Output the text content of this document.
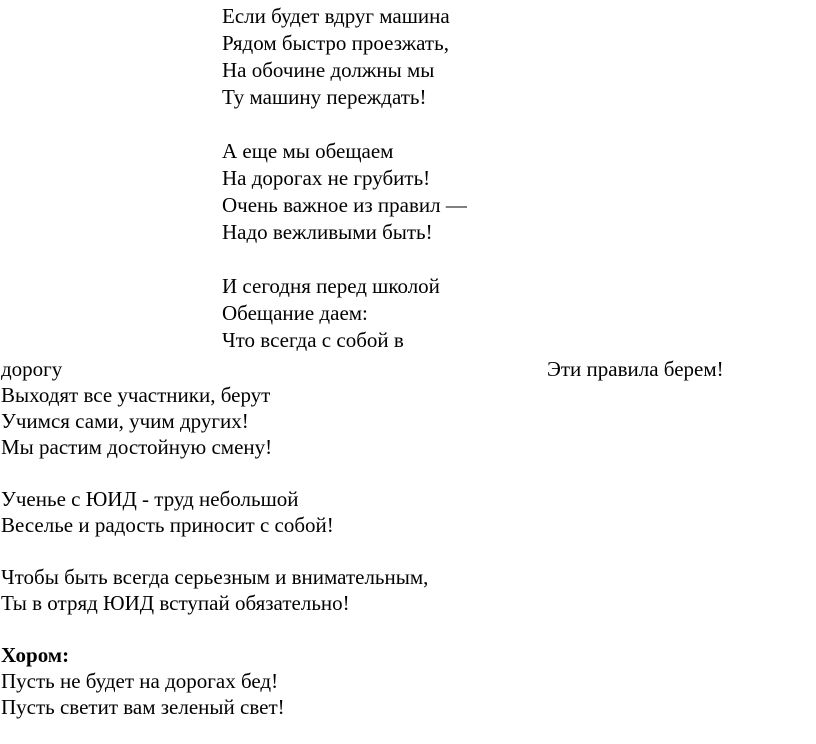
Если будет вдруг машина
Рядом быстро проезжать,
На обочине должны мы
Ту машину переждать!
А еще мы обещаем
На дорогах не грубить!
Очень важное из правил —
Надо вежливыми быть!
И сегодня перед школой
Обещание даем:
Что всегда с собой в
дорогу	Эти правила берем!
Выходят все участники, берут
Учимся сами, учим других!
Мы растим достойную смену!
Ученье с ЮИД - труд небольшой
Веселье и радость приносит с собой!
Чтобы быть всегда серьезным и внимательным,
Ты в отряд ЮИД вступай обязательно!
Хором:
Пусть не будет на дорогах бед!
Пусть светит вам зеленый свет!
